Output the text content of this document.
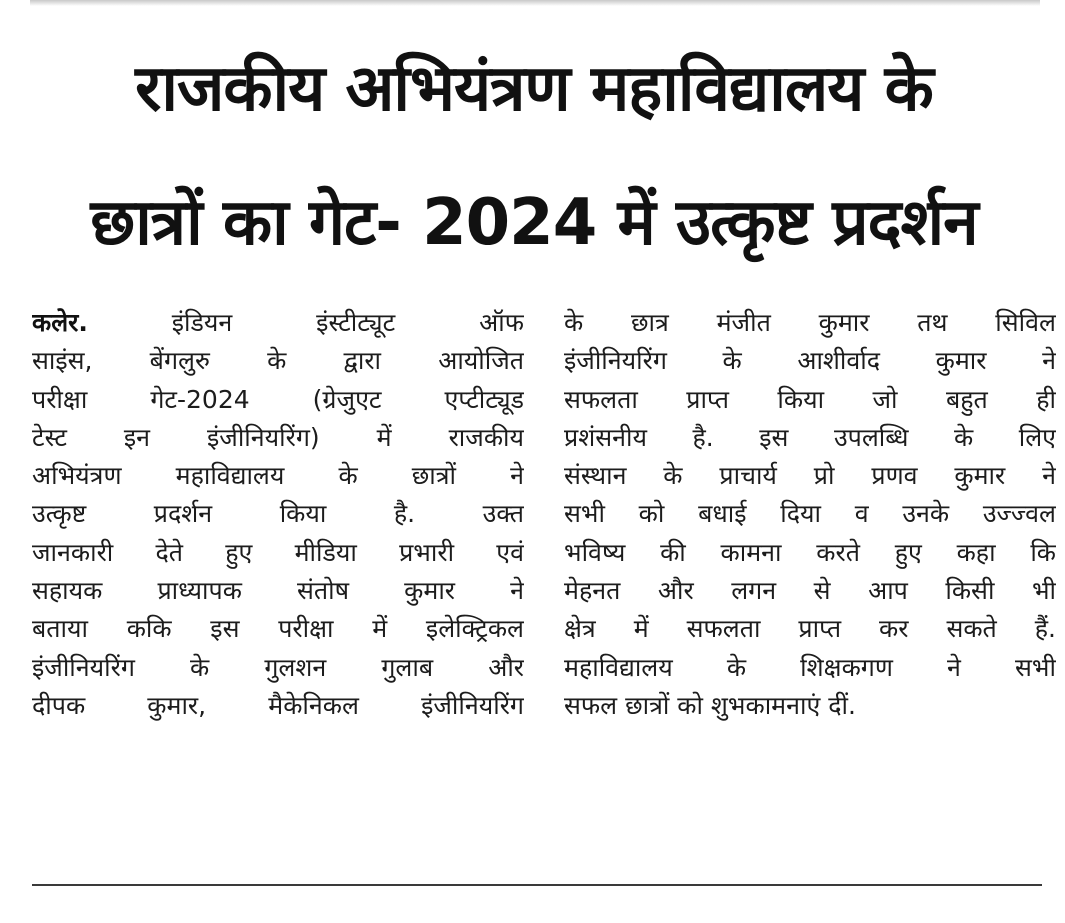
राजकीय अभियंत्रण महाविद्यालय के
छात्रों का गेट- 2024 में उत्कृष्ट प्रदर्शन
कलेर. इंडियन इंस्टीट्यूट ऑफ
साइंस, बेंगलुरु के द्वारा आयोजित
परीक्षा गेट-2024 (ग्रेजुएट एप्टीट्यूड
टेस्ट इन इंजीनियरिंग) में राजकीय
अभियंत्रण महाविद्यालय के छात्रों ने
उत्कृष्ट प्रदर्शन किया है. उक्त
जानकारी देते हुए मीडिया प्रभारी एवं
सहायक प्राध्यापक संतोष कुमार ने
बताया ककि इस परीक्षा में इलेक्ट्रिकल
इंजीनियरिंग के गुलशन गुलाब और
दीपक कुमार, मैकेनिकल इंजीनियरिंग
के छात्र मंजीत कुमार तथ सिविल
इंजीनियरिंग के आशीर्वाद कुमार ने
सफलता प्राप्त किया जो बहुत ही
प्रशंसनीय है. इस उपलब्धि के लिए
संस्थान के प्राचार्य प्रो प्रणव कुमार ने
सभी को बधाई दिया व उनके उज्ज्वल
भविष्य की कामना करते हुए कहा कि
मेहनत और लगन से आप किसी भी
क्षेत्र में सफलता प्राप्त कर सकते हैं.
महाविद्यालय के शिक्षकगण ने सभी
सफल छात्रों को शुभकामनाएं दीं.
